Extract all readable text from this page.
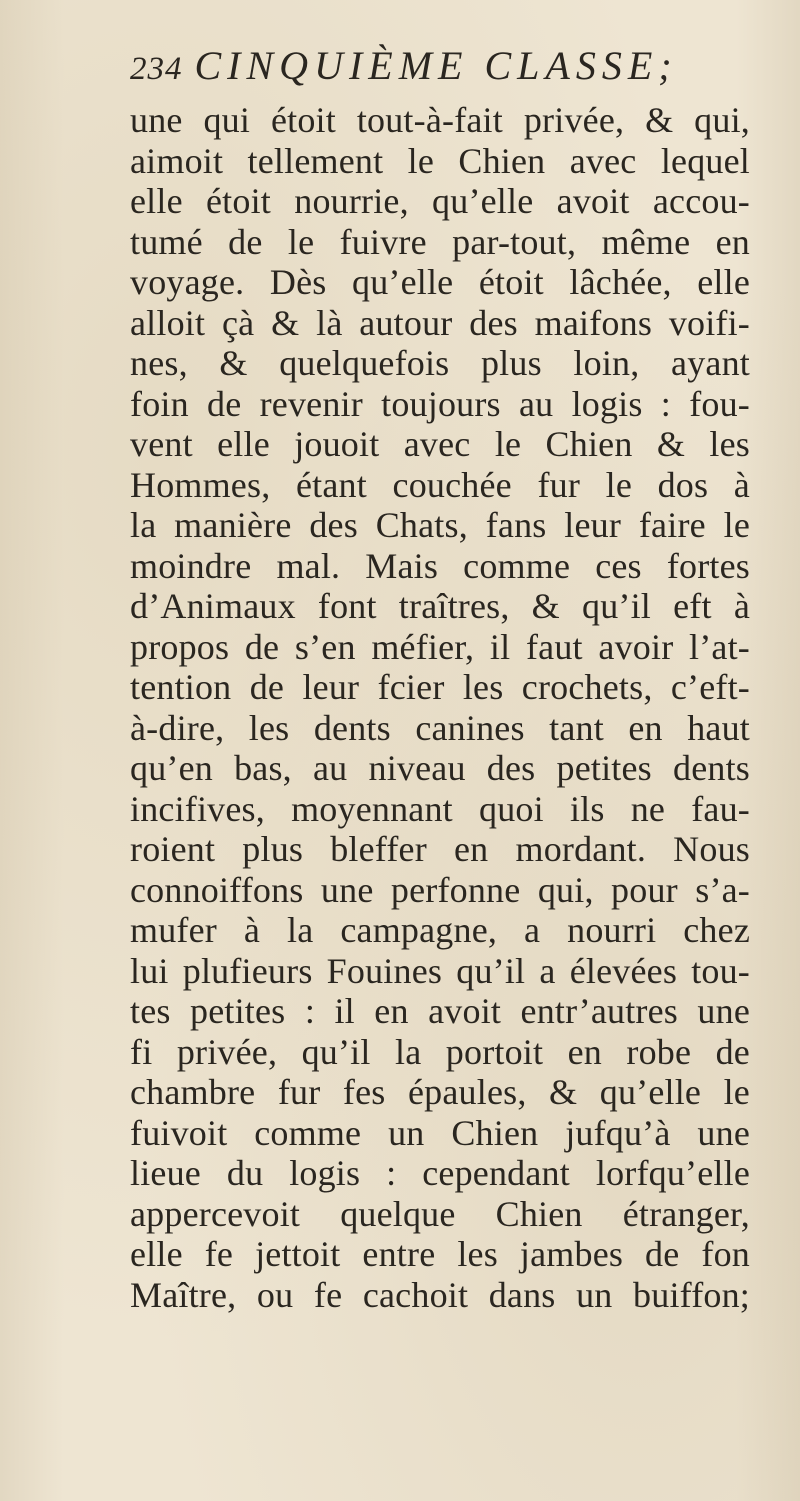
234 CINQUIÈME CLASSE;
une qui étoit tout-à-fait privée, & qui,
aimoit tellement le Chien avec lequel
elle étoit nourrie, qu’elle avoit accou-
tumé de le fuivre par-tout, même en
voyage. Dès qu’elle étoit lâchée, elle
alloit çà & là autour des maifons voifi-
nes, & quelquefois plus loin, ayant
foin de revenir toujours au logis : fou-
vent elle jouoit avec le Chien & les
Hommes, étant couchée fur le dos à
la manière des Chats, fans leur faire le
moindre mal. Mais comme ces fortes
d’Animaux font traîtres, & qu’il eft à
propos de s’en méfier, il faut avoir l’at-
tention de leur fcier les crochets, c’eft-
à-dire, les dents canines tant en haut
qu’en bas, au niveau des petites dents
incifives, moyennant quoi ils ne fau-
roient plus bleffer en mordant. Nous
connoiffons une perfonne qui, pour s’a-
mufer à la campagne, a nourri chez
lui plufieurs Fouines qu’il a élevées tou-
tes petites : il en avoit entr’autres une
fi privée, qu’il la portoit en robe de
chambre fur fes épaules, & qu’elle le
fuivoit comme un Chien jufqu’à une
lieue du logis : cependant lorfqu’elle
appercevoit quelque Chien étranger,
elle fe jettoit entre les jambes de fon
Maître, ou fe cachoit dans un buiffon;
